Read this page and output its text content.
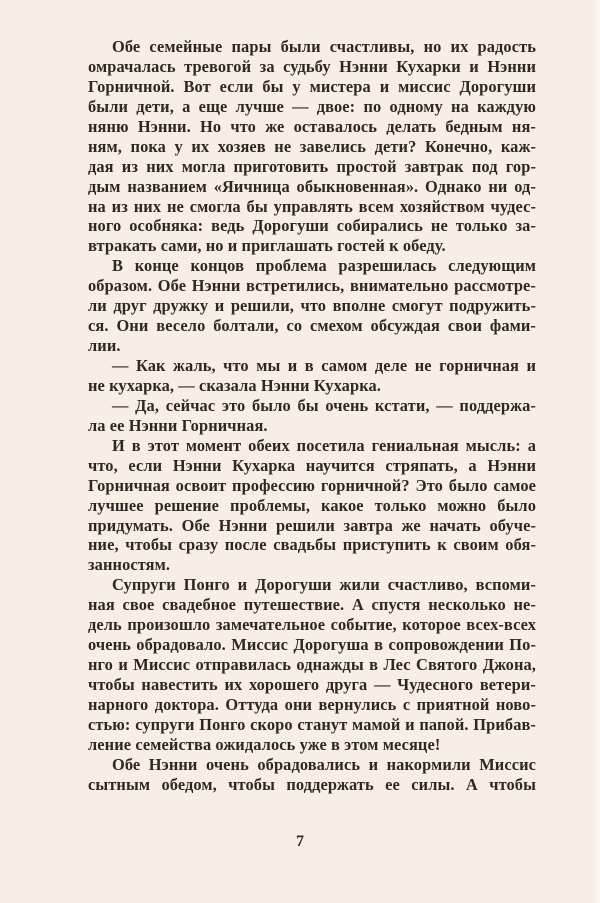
Обе семейные пары были счастливы, но их радость
омрачалась тревогой за судьбу Нэнни Кухарки и Нэнни
Горничной. Вот если бы у мистера и миссис Дорогуши
были дети, а еще лучше — двое: по одному на каждую
няню Нэнни. Но что же оставалось делать бедным ня-
ням, пока у их хозяев не завелись дети? Конечно, каж-
дая из них могла приготовить простой завтрак под гор-
дым названием «Яичница обыкновенная». Однако ни од-
на из них не смогла бы управлять всем хозяйством чудес-
ного особняка: ведь Дорогуши собирались не только за-
втракать сами, но и приглашать гостей к обеду.
В конце концов проблема разрешилась следующим
образом. Обе Нэнни встретились, внимательно рассмотре-
ли друг дружку и решили, что вполне смогут подружить-
ся. Они весело болтали, со смехом обсуждая свои фами-
лии.
— Как жаль, что мы и в самом деле не горничная и
не кухарка, — сказала Нэнни Кухарка.
— Да, сейчас это было бы очень кстати, — поддержа-
ла ее Нэнни Горничная.
И в этот момент обеих посетила гениальная мысль: а
что, если Нэнни Кухарка научится стряпать, а Нэнни
Горничная освоит профессию горничной? Это было самое
лучшее решение проблемы, какое только можно было
придумать. Обе Нэнни решили завтра же начать обуче-
ние, чтобы сразу после свадьбы приступить к своим обя-
занностям.
Супруги Понго и Дорогуши жили счастливо, вспоми-
ная свое свадебное путешествие. А спустя несколько не-
дель произошло замечательное событие, которое всех-всех
очень обрадовало. Миссис Дорогуша в сопровождении По-
нго и Миссис отправилась однажды в Лес Святого Джона,
чтобы навестить их хорошего друга — Чудесного ветери-
нарного доктора. Оттуда они вернулись с приятной ново-
стью: супруги Понго скоро станут мамой и папой. Прибав-
ление семейства ожидалось уже в этом месяце!
Обе Нэнни очень обрадовались и накормили Миссис
сытным обедом, чтобы поддержать ее силы. А чтобы
7
